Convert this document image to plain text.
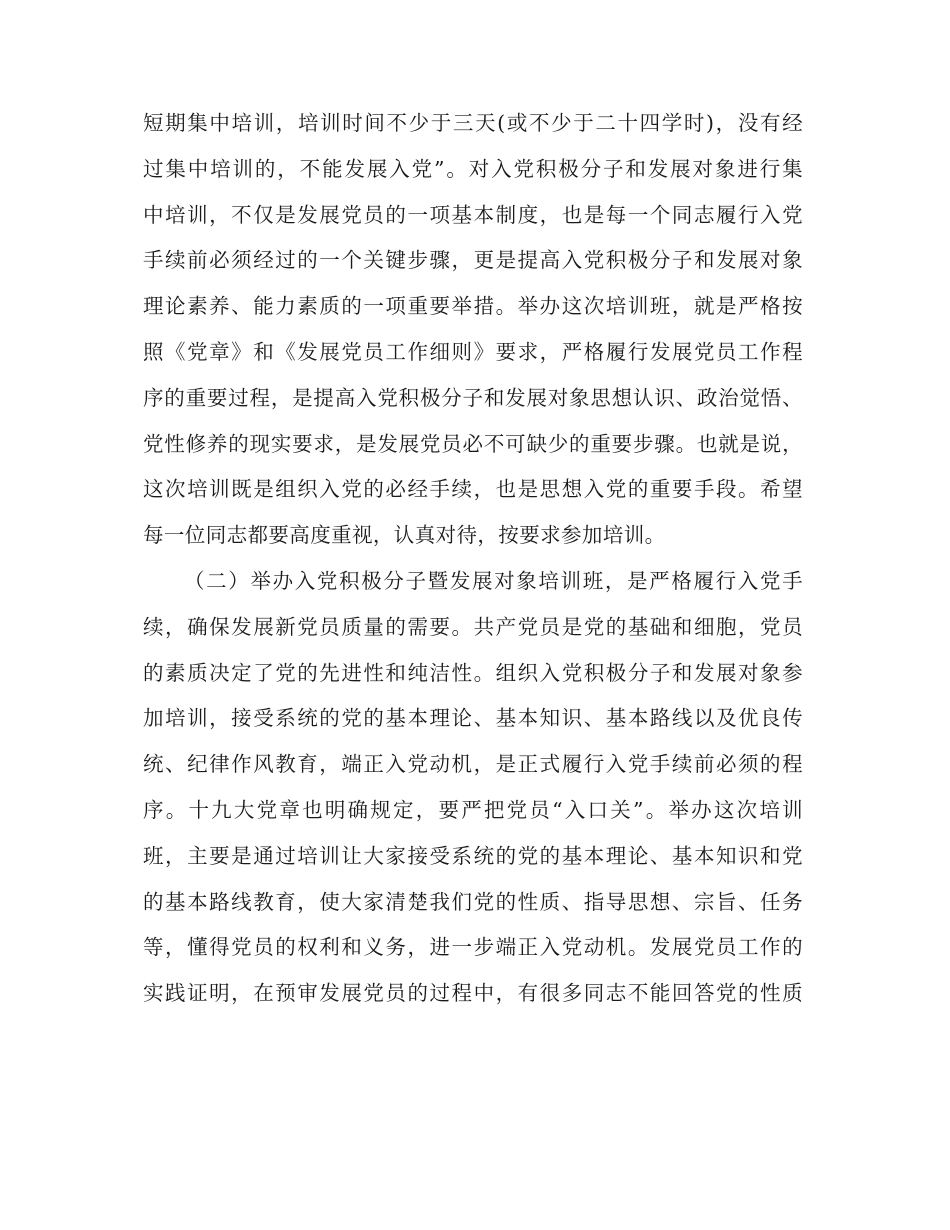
短期集中培训，培训时间不少于三天(或不少于二十四学时)，没有经
过集中培训的，不能发展入党”。对入党积极分子和发展对象进行集
中培训，不仅是发展党员的一项基本制度，也是每一个同志履行入党
手续前必须经过的一个关键步骤，更是提高入党积极分子和发展对象
理论素养、能力素质的一项重要举措。举办这次培训班，就是严格按
照《党章》和《发展党员工作细则》要求，严格履行发展党员工作程
序的重要过程，是提高入党积极分子和发展对象思想认识、政治觉悟、
党性修养的现实要求，是发展党员必不可缺少的重要步骤。也就是说，
这次培训既是组织入党的必经手续，也是思想入党的重要手段。希望
每一位同志都要高度重视，认真对待，按要求参加培训。
（二）举办入党积极分子暨发展对象培训班，是严格履行入党手
续，确保发展新党员质量的需要。共产党员是党的基础和细胞，党员
的素质决定了党的先进性和纯洁性。组织入党积极分子和发展对象参
加培训，接受系统的党的基本理论、基本知识、基本路线以及优良传
统、纪律作风教育，端正入党动机，是正式履行入党手续前必须的程
序。十九大党章也明确规定，要严把党员“入口关”。举办这次培训
班，主要是通过培训让大家接受系统的党的基本理论、基本知识和党
的基本路线教育，使大家清楚我们党的性质、指导思想、宗旨、任务
等，懂得党员的权利和义务，进一步端正入党动机。发展党员工作的
实践证明，在预审发展党员的过程中，有很多同志不能回答党的性质
